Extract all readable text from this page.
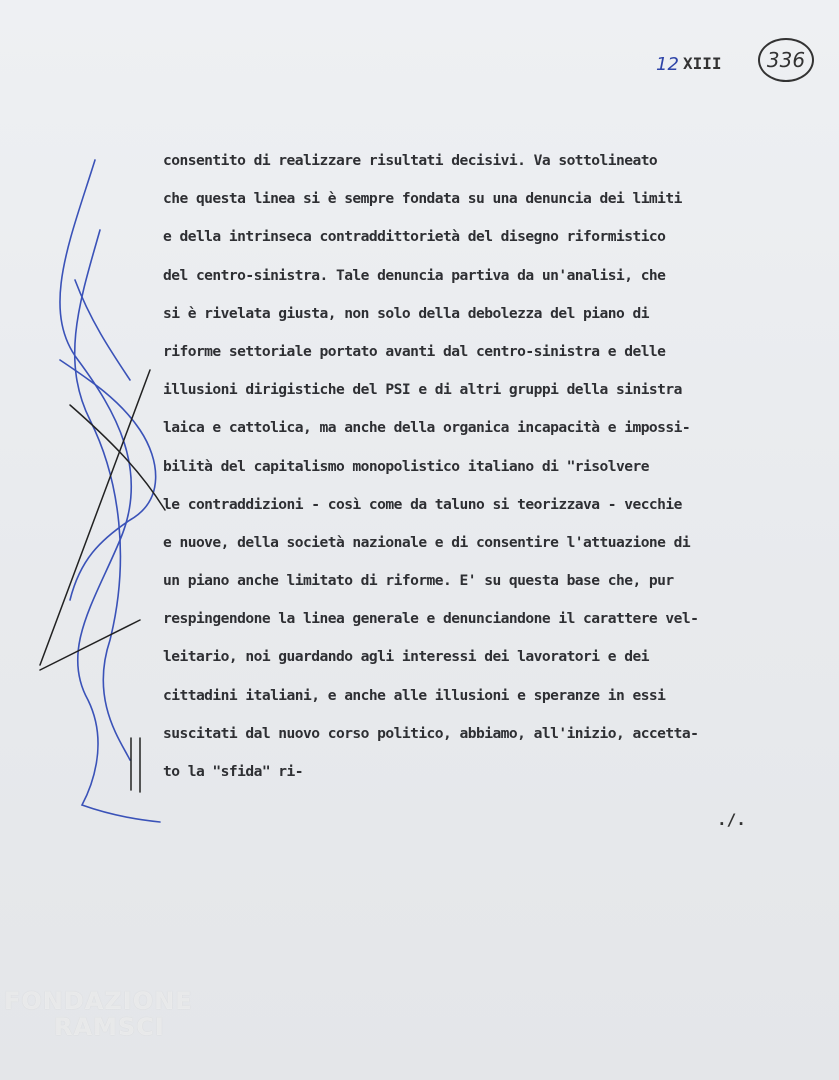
12 XIII 336
consentito di realizzare risultati decisivi. Va sottolineato
che questa linea si è sempre fondata su una denuncia dei limiti
e della intrinseca contraddittorietà del disegno riformistico
del centro-sinistra. Tale denuncia partiva da un'analisi, che
si è rivelata giusta, non solo della debolezza del piano di
riforme settoriale portato avanti dal centro-sinistra e delle
illusioni dirigistiche del PSI e di altri gruppi della sinistra
laica e cattolica, ma anche della organica incapacità e impossi-
bilità del capitalismo monopolistico italiano di "risolvere
le contraddizioni - così come da taluno si teorizzava - vecchie
e nuove, della società nazionale e di consentire l'attuazione di
un piano anche limitato di riforme. E' su questa base che, pur
respingendone la linea generale e denunciandone il carattere vel-
leitario, noi guardando agli interessi dei lavoratori e dei
cittadini italiani, e anche alle illusioni e speranze in essi
suscitati dal nuovo corso politico, abbiamo, all'inizio, accetta-
to la "sfida" ri-
./.
FONDAZIONE
RAMSCI
